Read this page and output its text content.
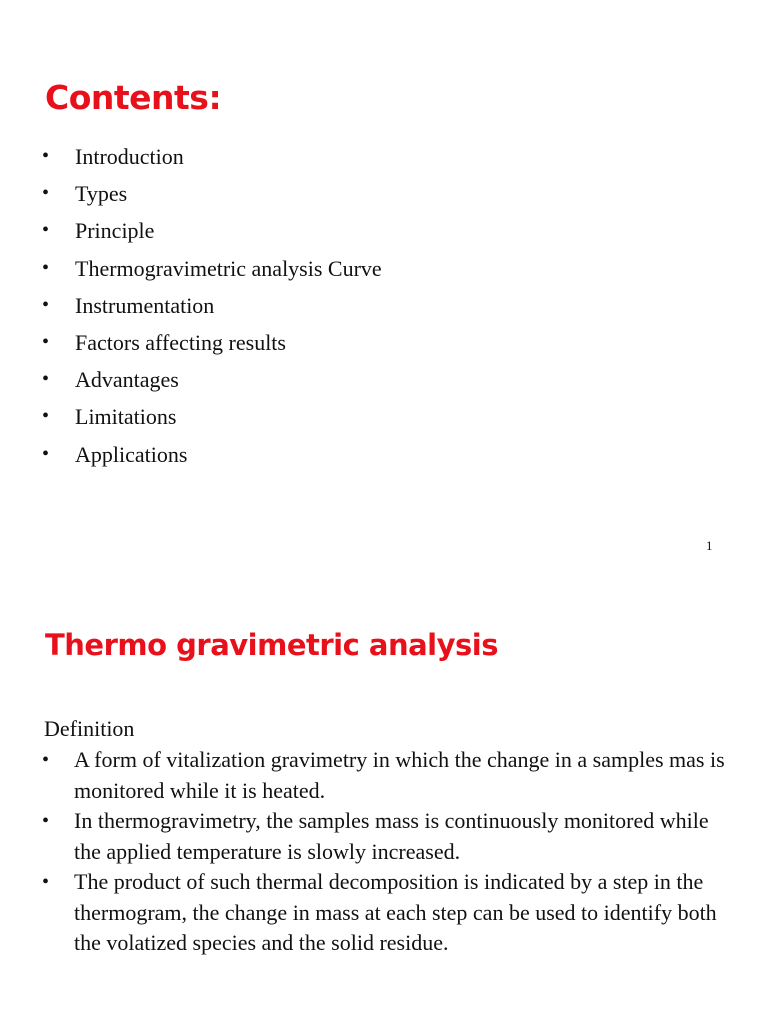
Contents:
• Introduction
• Types
• Principle
• Thermogravimetric analysis Curve
• Instrumentation
• Factors affecting results
• Advantages
• Limitations
• Applications
1
Thermo gravimetric analysis

Definition

• A form of vitalization gravimetry in which the change in a samples mas is monitored while it is heated.
• In thermogravimetry, the samples mass is continuously monitored while the applied temperature is slowly increased.
• The product of such thermal decomposition is indicated by a step in the thermogram, the change in mass at each step can be used to identify both the volatized species and the solid residue.
